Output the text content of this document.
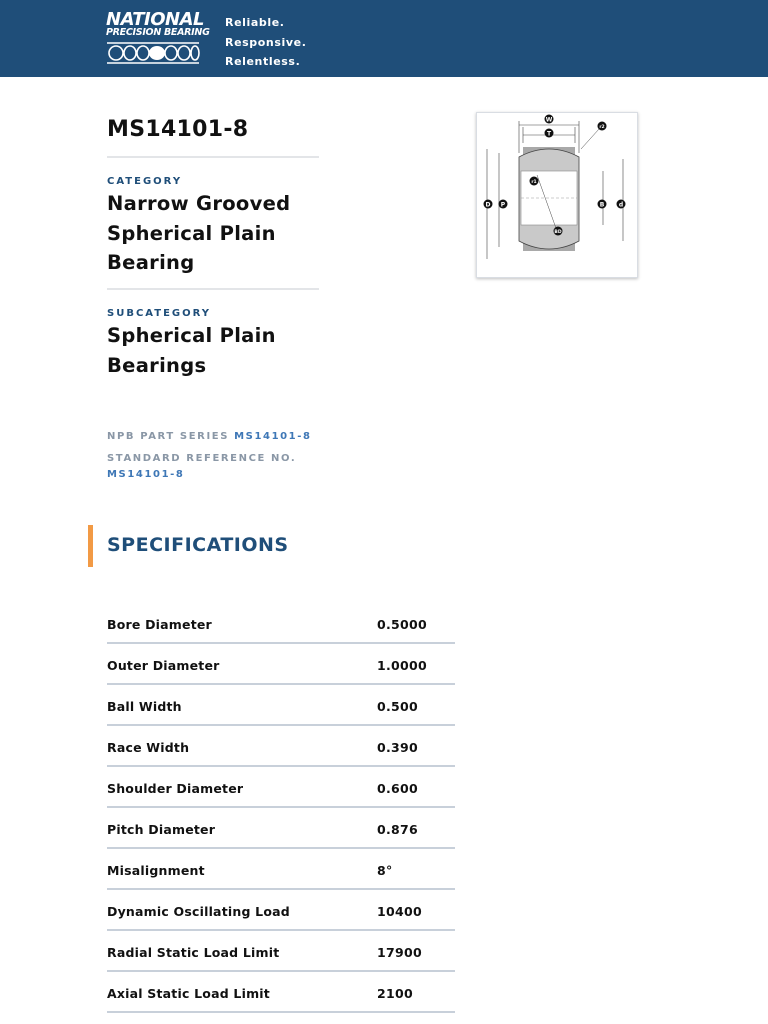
NATIONAL
PRECISION BEARING
Reliable.
Responsive.
Relentless.
MS14101-8
CATEGORY
Narrow Grooved Spherical Plain Bearing
SUBCATEGORY
Spherical Plain Bearings
NPB PART SERIES MS14101-8
STANDARD REFERENCE NO.
MS14101-8
W
T
r2
r1
D P	B d
BD
SPECIFICATIONS
Bore Diameter	0.5000
Outer Diameter	1.0000
Ball Width	0.500
Race Width	0.390
Shoulder Diameter	0.600
Pitch Diameter	0.876
Misalignment	8°
Dynamic Oscillating Load	10400
Radial Static Load Limit	17900
Axial Static Load Limit	2100
